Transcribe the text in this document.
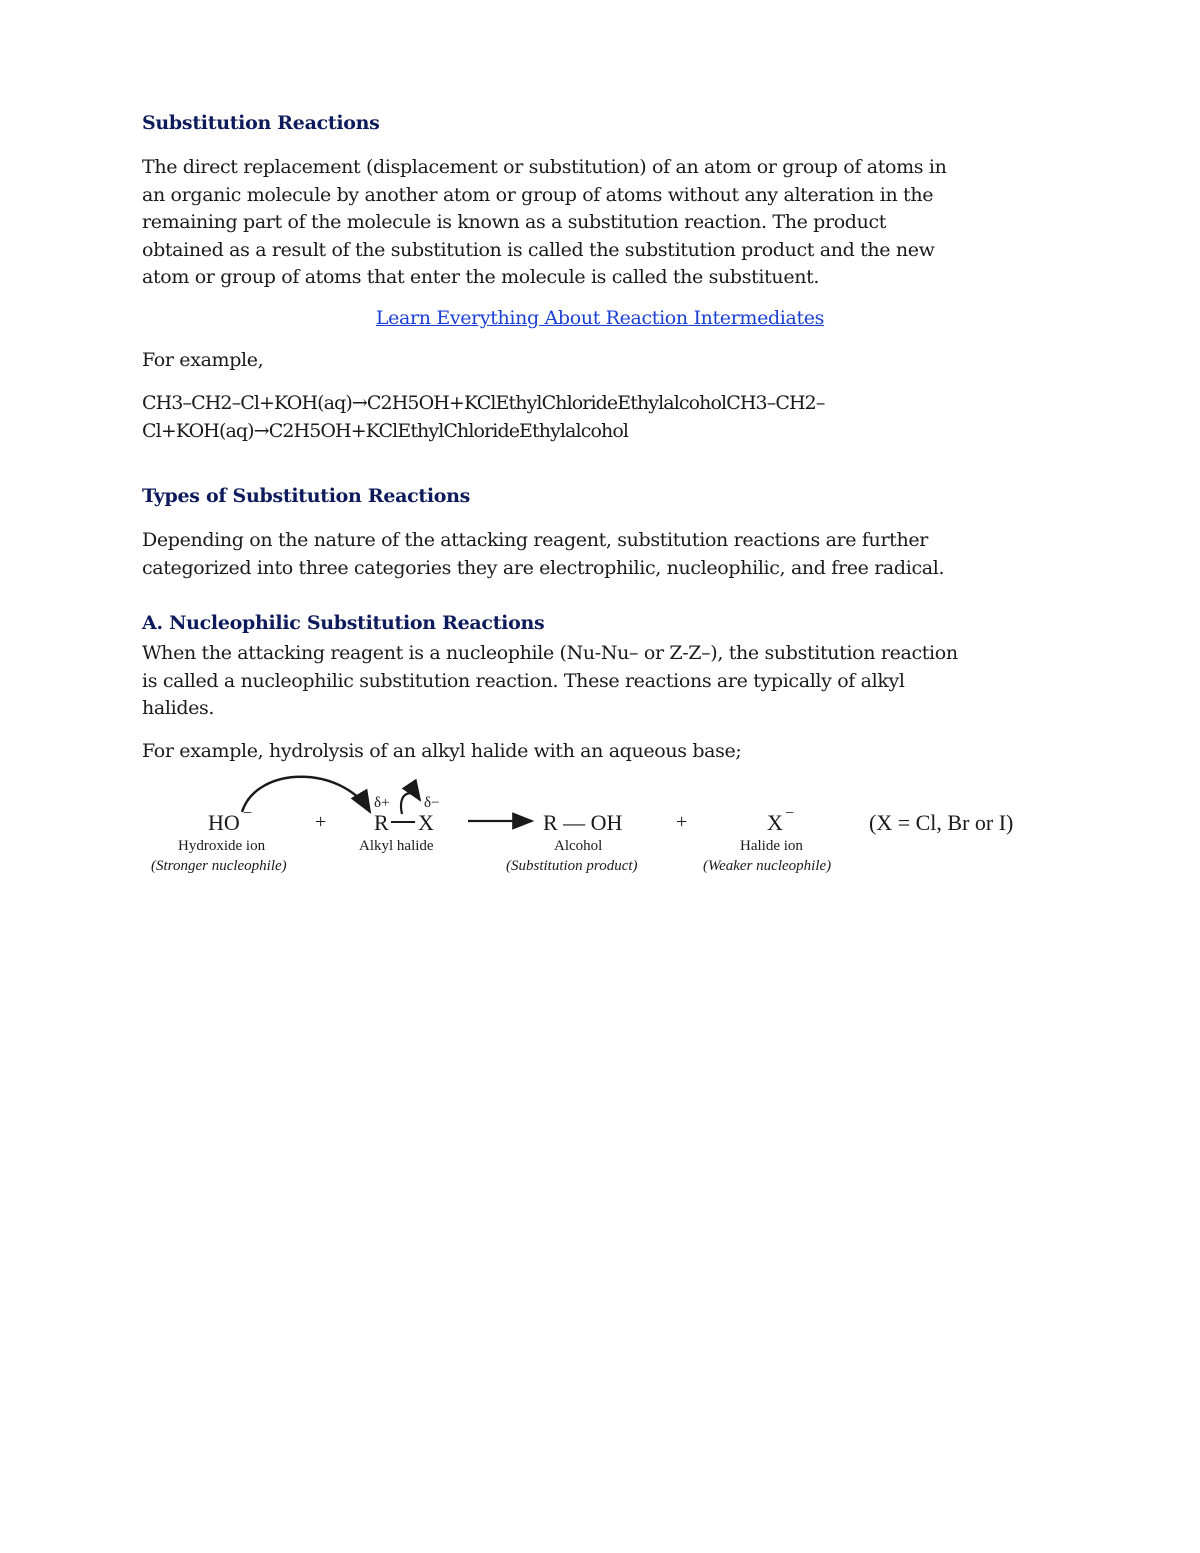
Substitution Reactions
The direct replacement (displacement or substitution) of an atom or group of atoms in
an organic molecule by another atom or group of atoms without any alteration in the
remaining part of the molecule is known as a substitution reaction. The product
obtained as a result of the substitution is called the substitution product and the new
atom or group of atoms that enter the molecule is called the substituent.
Learn Everything About Reaction Intermediates
For example,
CH3–CH2–Cl+KOH(aq)→C2H5OH+KClEthylChlorideEthylalcoholCH3–CH2–
Cl+KOH(aq)→C2H5OH+KClEthylChlorideEthylalcohol
Types of Substitution Reactions
Depending on the nature of the attacking reagent, substitution reactions are further
categorized into three categories they are electrophilic, nucleophilic, and free radical.
A. Nucleophilic Substitution Reactions
When the attacking reagent is a nucleophile (Nu-Nu– or Z-Z–), the substitution reaction
is called a nucleophilic substitution reaction. These reactions are typically of alkyl
halides.
For example, hydrolysis of an alkyl halide with an aqueous base;
HO −
Hydroxide ion
(Stronger nucleophile)
+
δ+ δ−
R X
Alkyl halide
R — OH
Alcohol
(Substitution product)
+	X −
Halide ion
(Weaker nucleophile)
(X = Cl, Br or I)
